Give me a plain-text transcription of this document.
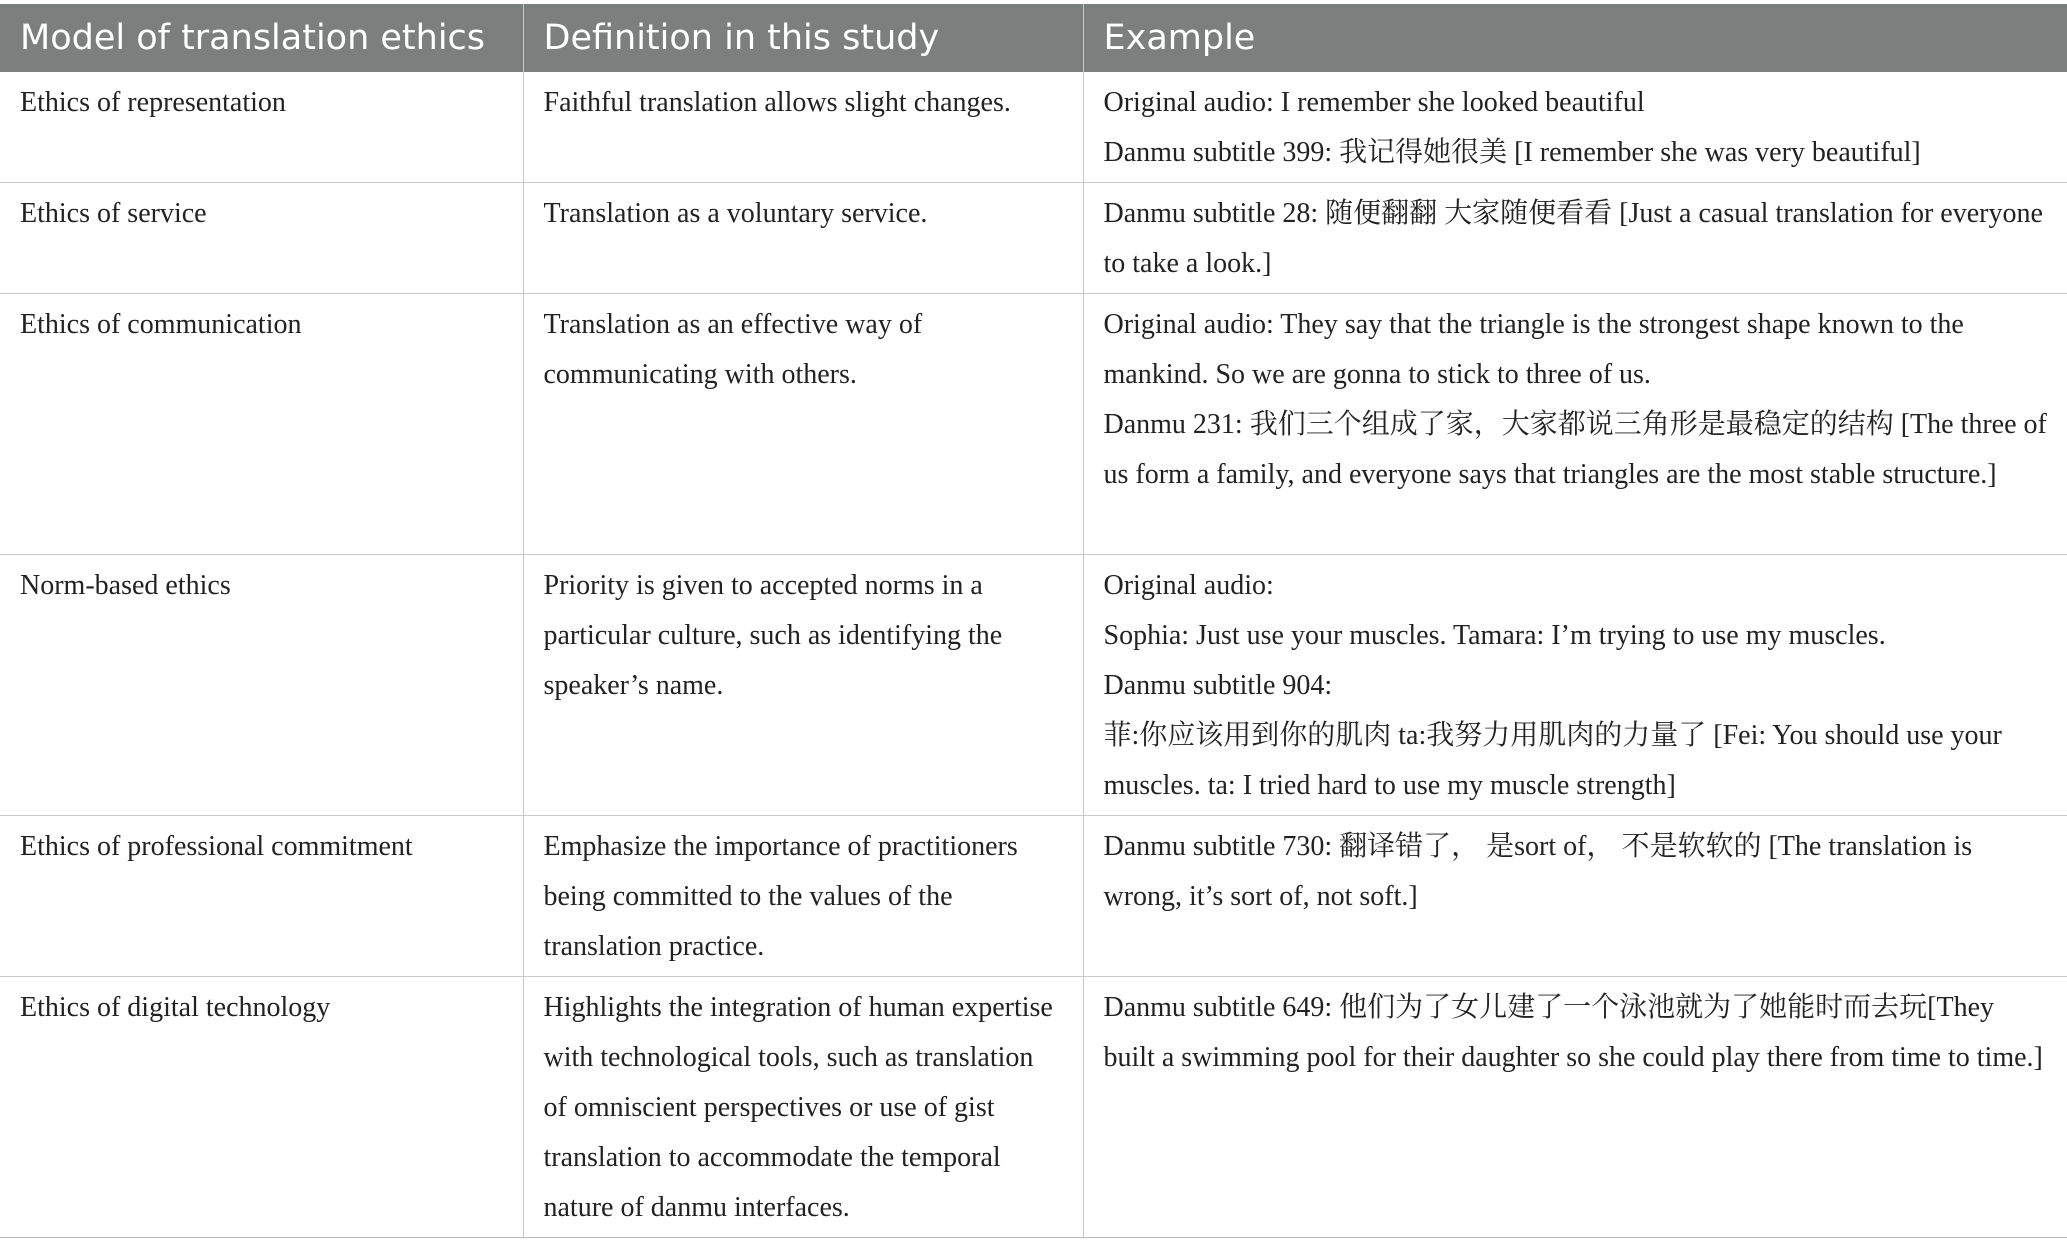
Model of translation ethics	Definition in this study	Example
Ethics of representation	Faithful translation allows slight changes.	Original audio: I remember she looked beautiful
Danmu subtitle 399: 我记得她很美 [I remember she was very beautiful]

Ethics of service	Translation as a voluntary service.	Danmu subtitle 28: 随便翻翻 大家随便看看 [Just a casual translation for everyone to take a look.]

Ethics of communication	Translation as an effective way of communicating with others.	Original audio: They say that the triangle is the strongest shape known to the mankind. So we are gonna to stick to three of us.
Danmu 231: 我们三个组成了家，大家都说三角形是最稳定的结构 [The three of us form a family, and everyone says that triangles are the most stable structure.]

Norm-based ethics	Priority is given to accepted norms in a particular culture, such as identifying the speaker’s name.	Original audio:
Sophia: Just use your muscles. Tamara: I’m trying to use my muscles.
Danmu subtitle 904:
菲:你应该用到你的肌肉 ta:我努力用肌肉的力量了 [Fei: You should use your muscles. ta: I tried hard to use my muscle strength]

Ethics of professional commitment	Emphasize the importance of practitioners being committed to the values of the translation practice.	Danmu subtitle 730: 翻译错了， 是sort of， 不是软软的 [The translation is wrong, it’s sort of, not soft.]

Ethics of digital technology	Highlights the integration of human expertise with technological tools, such as translation of omniscient perspectives or use of gist translation to accommodate the temporal nature of danmu interfaces.	Danmu subtitle 649: 他们为了女儿建了一个泳池就为了她能时而去玩[They built a swimming pool for their daughter so she could play there from time to time.]
